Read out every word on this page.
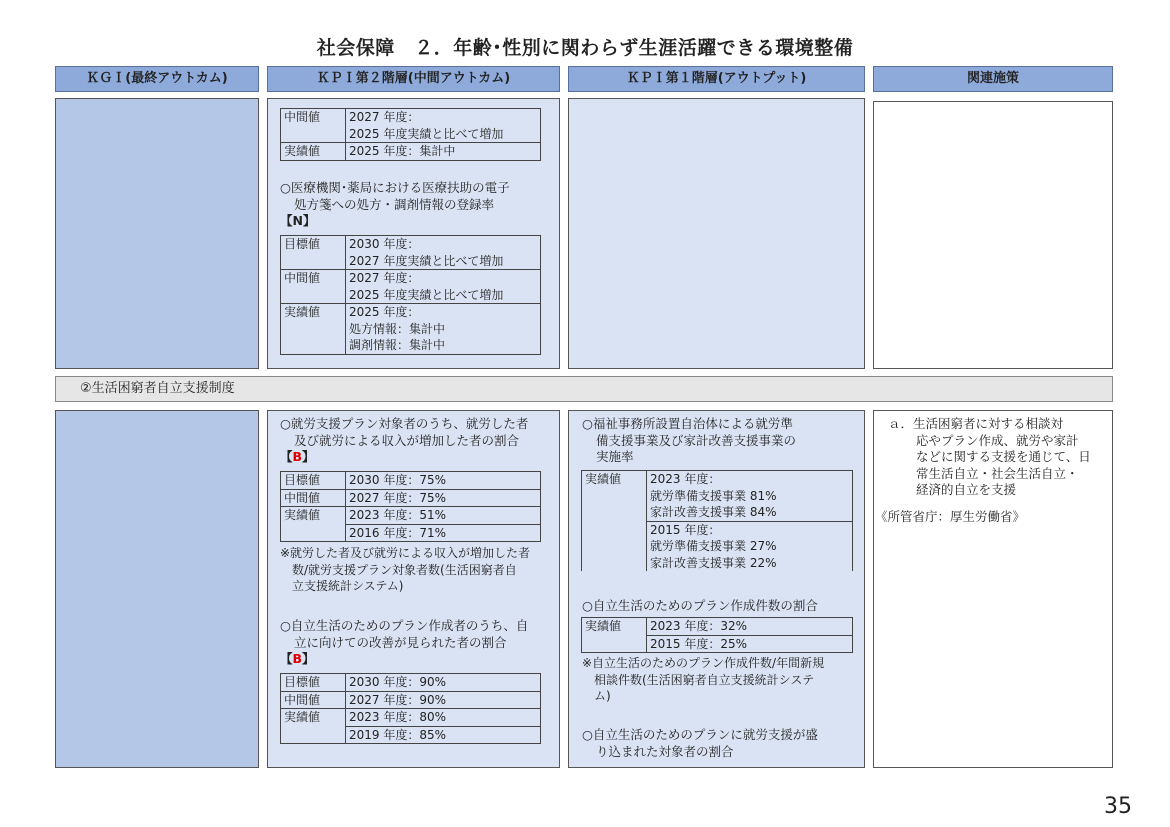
社会保障　２．年齢･性別に関わらず生涯活躍できる環境整備
ＫＧＩ(最終アウトカム)	ＫＰＩ第２階層(中間アウトカム)	ＫＰＩ第１階層(アウトプット)	関連施策
中間値	2027 年度：
2025 年度実績と比べて増加

実績値	2025 年度：集計中
○医療機関･薬局における医療扶助の電子
処方箋への処方・調剤情報の登録率
【N】
目標値	2030 年度：
2027 年度実績と比べて増加

中間値	2027 年度：
2025 年度実績と比べて増加

実績値	2025 年度：
処方情報：集計中
調剤情報：集計中
②生活困窮者自立支援制度
○就労支援プラン対象者のうち、就労した者
及び就労による収入が増加した者の割合
【B】
目標値	2030 年度：75%
中間値	2027 年度：75%
実績値	2023 年度：51%
	2016 年度：71%
※就労した者及び就労による収入が増加した者
数/就労支援プラン対象者数(生活困窮者自
立支援統計システム)
○自立生活のためのプラン作成者のうち、自
立に向けての改善が見られた者の割合
【B】
目標値	2030 年度：90%
中間値	2027 年度：90%
実績値	2023 年度：80%
	2019 年度：85%
○福祉事務所設置自治体による就労準
備支援事業及び家計改善支援事業の
実施率
実績値	2023 年度：
就労準備支援事業 81%
家計改善支援事業 84%

	2015 年度：
就労準備支援事業 27%
家計改善支援事業 22%
○自立生活のためのプラン作成件数の割合
実績値	2023 年度：32%
	2015 年度：25%
※自立生活のためのプラン作成件数/年間新規
相談件数(生活困窮者自立支援統計システ
ム)
○自立生活のためのプランに就労支援が盛
り込まれた対象者の割合
ａ．生活困窮者に対する相談対
応やプラン作成、就労や家計
などに関する支援を通じて、日
常生活自立・社会生活自立・
経済的自立を支援
《所管省庁：厚生労働省》
35
